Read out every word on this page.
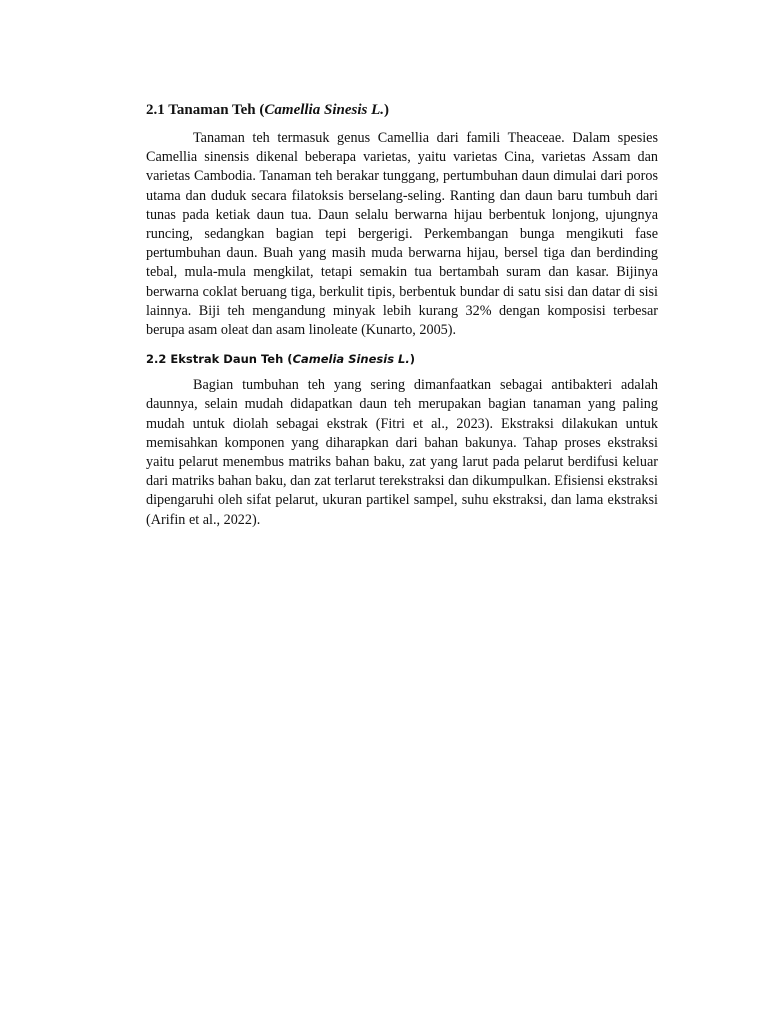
2.1 Tanaman Teh (Camellia Sinesis L.)

Tanaman teh termasuk genus Camellia dari famili Theaceae. Dalam spesies Camellia sinensis dikenal beberapa varietas, yaitu varietas Cina, varietas Assam dan varietas Cambodia. Tanaman teh berakar tunggang, pertumbuhan daun dimulai dari poros utama dan duduk secara filatoksis berselang-seling. Ranting dan daun baru tumbuh dari tunas pada ketiak daun tua. Daun selalu berwarna hijau berbentuk lonjong, ujungnya runcing, sedangkan bagian tepi bergerigi. Perkembangan bunga mengikuti fase pertumbuhan daun. Buah yang masih muda berwarna hijau, bersel tiga dan berdinding tebal, mula-mula mengkilat, tetapi semakin tua bertambah suram dan kasar. Bijinya berwarna coklat beruang tiga, berkulit tipis, berbentuk bundar di satu sisi dan datar di sisi lainnya. Biji teh mengandung minyak lebih kurang 32% dengan komposisi terbesar berupa asam oleat dan asam linoleate (Kunarto, 2005).

2.2 Ekstrak Daun Teh (Camelia Sinesis L.)

Bagian tumbuhan teh yang sering dimanfaatkan sebagai antibakteri adalah daunnya, selain mudah didapatkan daun teh merupakan bagian tanaman yang paling mudah untuk diolah sebagai ekstrak (Fitri et al., 2023). Ekstraksi dilakukan untuk memisahkan komponen yang diharapkan dari bahan bakunya. Tahap proses ekstraksi yaitu pelarut menembus matriks bahan baku, zat yang larut pada pelarut berdifusi keluar dari matriks bahan baku, dan zat terlarut terekstraksi dan dikumpulkan. Efisiensi ekstraksi dipengaruhi oleh sifat pelarut, ukuran partikel sampel, suhu ekstraksi, dan lama ekstraksi (Arifin et al., 2022).
